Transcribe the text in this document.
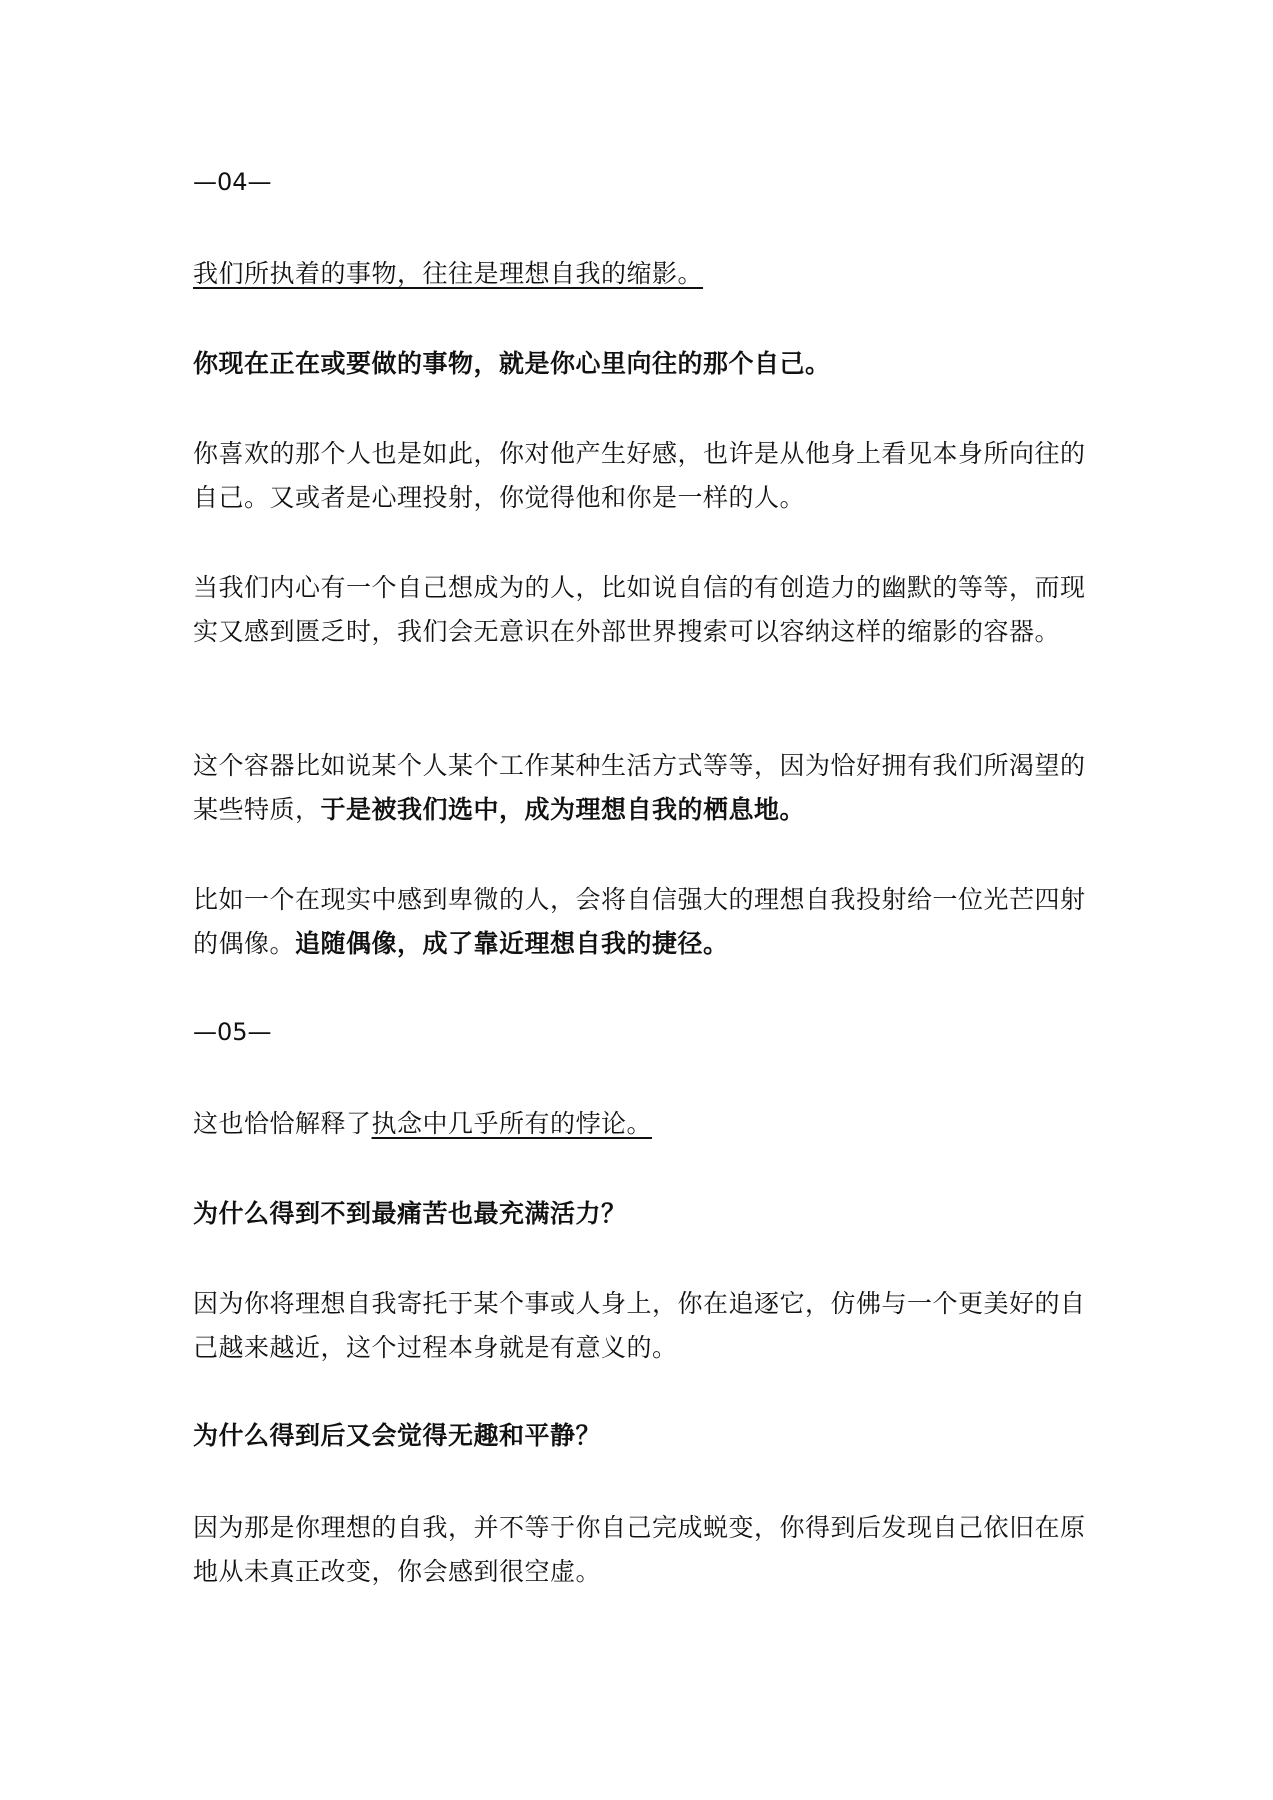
—04—

我们所执着的事物，往往是理想自我的缩影。

你现在正在或要做的事物，就是你心里向往的那个自己。

你喜欢的那个人也是如此，你对他产生好感，也许是从他身上看见本身所向往的自己。又或者是心理投射，你觉得他和你是一样的人。

当我们内心有一个自己想成为的人，比如说自信的有创造力的幽默的等等，而现实又感到匮乏时，我们会无意识在外部世界搜索可以容纳这样的缩影的容器。

这个容器比如说某个人某个工作某种生活方式等等，因为恰好拥有我们所渴望的某些特质，于是被我们选中，成为理想自我的栖息地。

比如一个在现实中感到卑微的人，会将自信强大的理想自我投射给一位光芒四射的偶像。追随偶像，成了靠近理想自我的捷径。

—05—

这也恰恰解释了执念中几乎所有的悖论。

为什么得到不到最痛苦也最充满活力？

因为你将理想自我寄托于某个事或人身上，你在追逐它，仿佛与一个更美好的自己越来越近，这个过程本身就是有意义的。

为什么得到后又会觉得无趣和平静？

因为那是你理想的自我，并不等于你自己完成蜕变，你得到后发现自己依旧在原地从未真正改变，你会感到很空虚。
